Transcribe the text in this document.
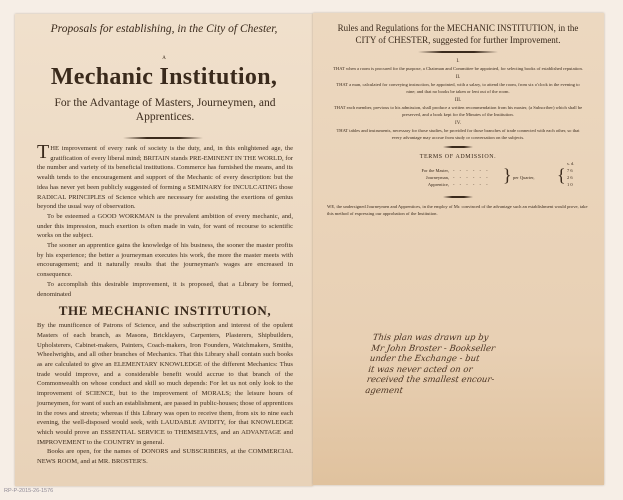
Proposals for establishing, in the City of Chester,
A
Mechanic Institution,
For the Advantage of Masters, Journeymen, and Apprentices.

THE improvement of every rank of society is the duty, and, in this enlightened age, the gratification of every liberal mind; BRITAIN stands PRE-EMINENT IN THE WORLD, for the number and variety of its beneficial institutions. Commerce has furnished the means, and its wealth tends to the encouragement and support of the Mechanic of every description: but the idea has never yet been publicly suggested of forming a SEMINARY for INCULCATING those RADICAL PRINCIPLES of Science which are necessary for assisting the exertions of genius beyond the usual way of observation.

To be esteemed a GOOD WORKMAN is the prevalent ambition of every mechanic, and, under this impression, much exertion is often made in vain, for want of recourse to scientific works on the subject.

The sooner an apprentice gains the knowledge of his business, the sooner the master profits by his experience; the better a journeyman executes his work, the more the master meets with encouragement; and it naturally results that the journeyman's wages are encreased in consequence.

To accomplish this desirable improvement, it is proposed, that a Library be formed, denominated

THE MECHANIC INSTITUTION,

By the munificence of Patrons of Science, and the subscription and interest of the opulent Masters of each branch, as Masons, Bricklayers, Carpenters, Plasterers, Shipbuilders, Upholsterers, Cabinet-makers, Painters, Coach-makers, Iron Founders, Watchmakers, Smiths, Wheelwrights, and all other branches of Mechanics. That this Library shall contain such books as are calculated to give an ELEMENTARY KNOWLEDGE of the different Mechanics: Thus trade would improve, and a considerable benefit would accrue to that branch of the Commonwealth on whose conduct and skill so much depends: For let us not only look to the improvement of SCIENCE, but to the improvement of MORALS; the leisure hours of journeymen, for want of such an establishment, are passed in public-houses; those of apprentices in the rows and streets; whereas if this Library was open to receive them, from six to nine each evening, the well-disposed would seek, with LAUDABLE AVIDITY, for that KNOWLEDGE which would prove an ESSENTIAL SERVICE to THEMSELVES, and an ADVANTAGE and IMPROVEMENT to the COUNTRY in general.

Books are open, for the names of DONORS and SUBSCRIBERS, at the COMMERCIAL NEWS ROOM, and at MR. BROSTER'S.

Rules and Regulations for the MECHANIC INSTITUTION, in the CITY of CHESTER, suggested for further Improvement.
I.

THAT when a room is procured for the purpose, a Chairman and Committee be appointed, for selecting books of established reputation.

II.

THAT a man, calculated for conveying instruction, be appointed, with a salary, to attend the room, from six o'clock in the evening to nine; and that no books be taken or lent out of the room.

III.

THAT each member, previous to his admission, shall produce a written recommendation from his master, (a Subscriber) which shall be preserved, and a book kept for the Minutes of the Institution.

IV.

THAT tables and instruments, necessary for those studies, be provided for those branches of trade connected with each other, so that every advantage may accrue from study or conversation on the subjects.

TERMS OF ADMISSION.
s. d.
For the Master,
Journeyman,
Apprentice,
- - - - - -
- - - - - -
- - - - - - } per Quarter, { 7 6
2 6
1 0
WE, the undersigned Journeymen and Apprentices, in the employ of Mr. convinced of the advantage such an establishment would prove, take this method of expressing our approbation of the Institution.
This plan was drawn up by
Mr John Broster - Bookseller
under the Exchange - but
it was never acted on or
received the smallest encour-
agement
RP-P-2015-26-1576
